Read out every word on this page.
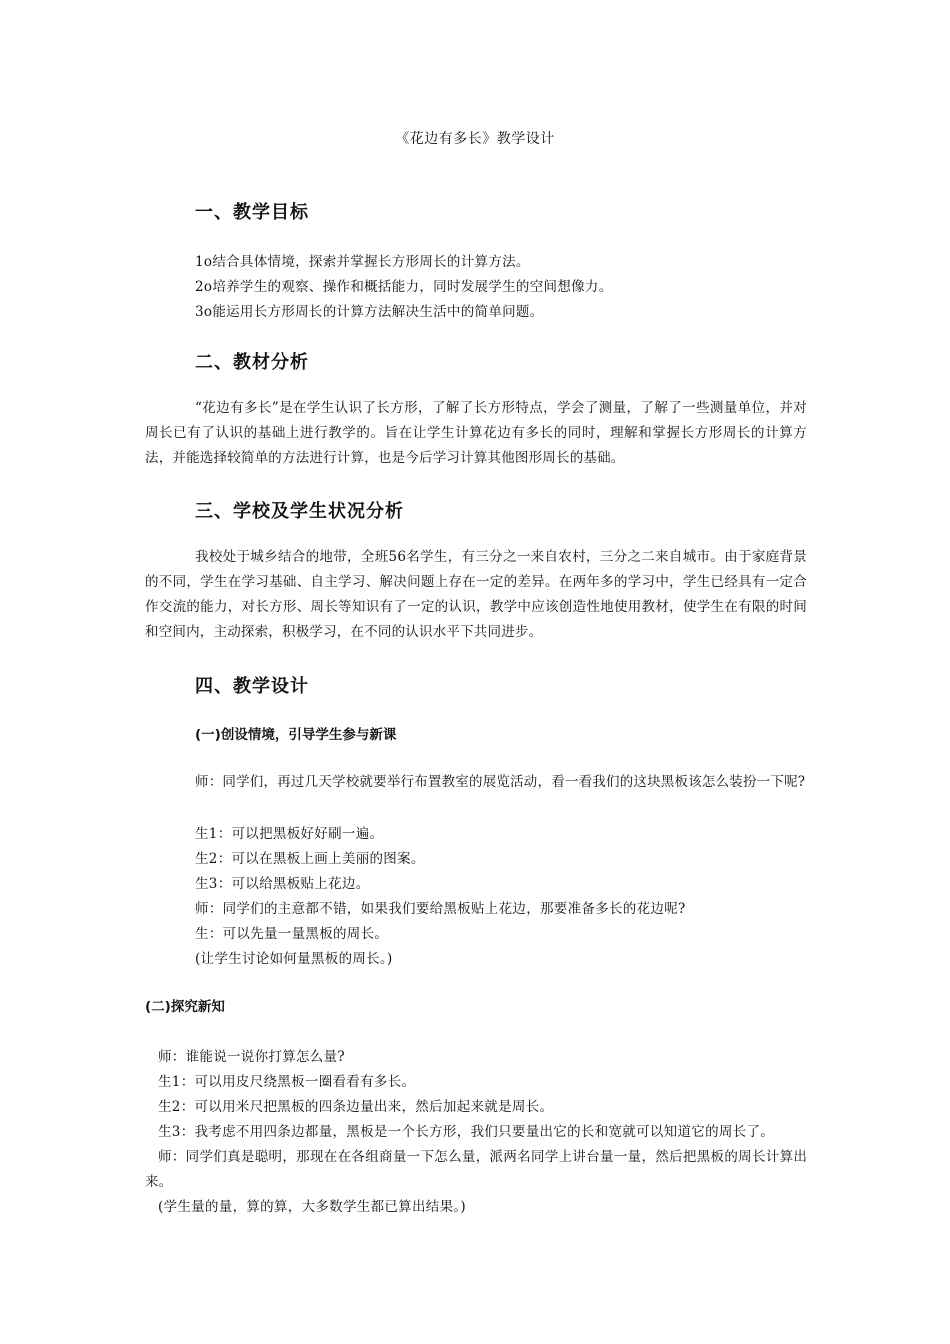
《花边有多长》教学设计
一、教学目标
1o结合具体情境，探索并掌握长方形周长的计算方法。
2o培养学生的观察、操作和概括能力，同时发展学生的空间想像力。
3o能运用长方形周长的计算方法解决生活中的简单问题。
二、教材分析
“花边有多长”是在学生认识了长方形，了解了长方形特点，学会了测量，了解了一些测量单位，并对周长已有了认识的基础上进行教学的。旨在让学生计算花边有多长的同时，理解和掌握长方形周长的计算方法，并能选择较简单的方法进行计算，也是今后学习计算其他图形周长的基础。
三、学校及学生状况分析
我校处于城乡结合的地带，全班56名学生，有三分之一来自农村，三分之二来自城市。由于家庭背景的不同，学生在学习基础、自主学习、解决问题上存在一定的差异。在两年多的学习中，学生已经具有一定合作交流的能力，对长方形、周长等知识有了一定的认识，教学中应该创造性地使用教材，使学生在有限的时间和空间内，主动探索，积极学习，在不同的认识水平下共同进步。
四、教学设计
(一)创设情境，引导学生参与新课
师：同学们，再过几天学校就要举行布置教室的展览活动，看一看我们的这块黑板该怎么装扮一下呢?
生1：可以把黑板好好刷一遍。
生2：可以在黑板上画上美丽的图案。
生3：可以给黑板贴上花边。
师：同学们的主意都不错，如果我们要给黑板贴上花边，那要准备多长的花边呢?
生：可以先量一量黑板的周长。
(让学生讨论如何量黑板的周长。)
(二)探究新知
师：谁能说一说你打算怎么量?
生1：可以用皮尺绕黑板一圈看看有多长。
生2：可以用米尺把黑板的四条边量出来，然后加起来就是周长。
生3：我考虑不用四条边都量，黑板是一个长方形，我们只要量出它的长和宽就可以知道它的周长了。
师：同学们真是聪明，那现在在各组商量一下怎么量，派两名同学上讲台量一量，然后把黑板的周长计算出来。
(学生量的量，算的算，大多数学生都已算出结果。)
